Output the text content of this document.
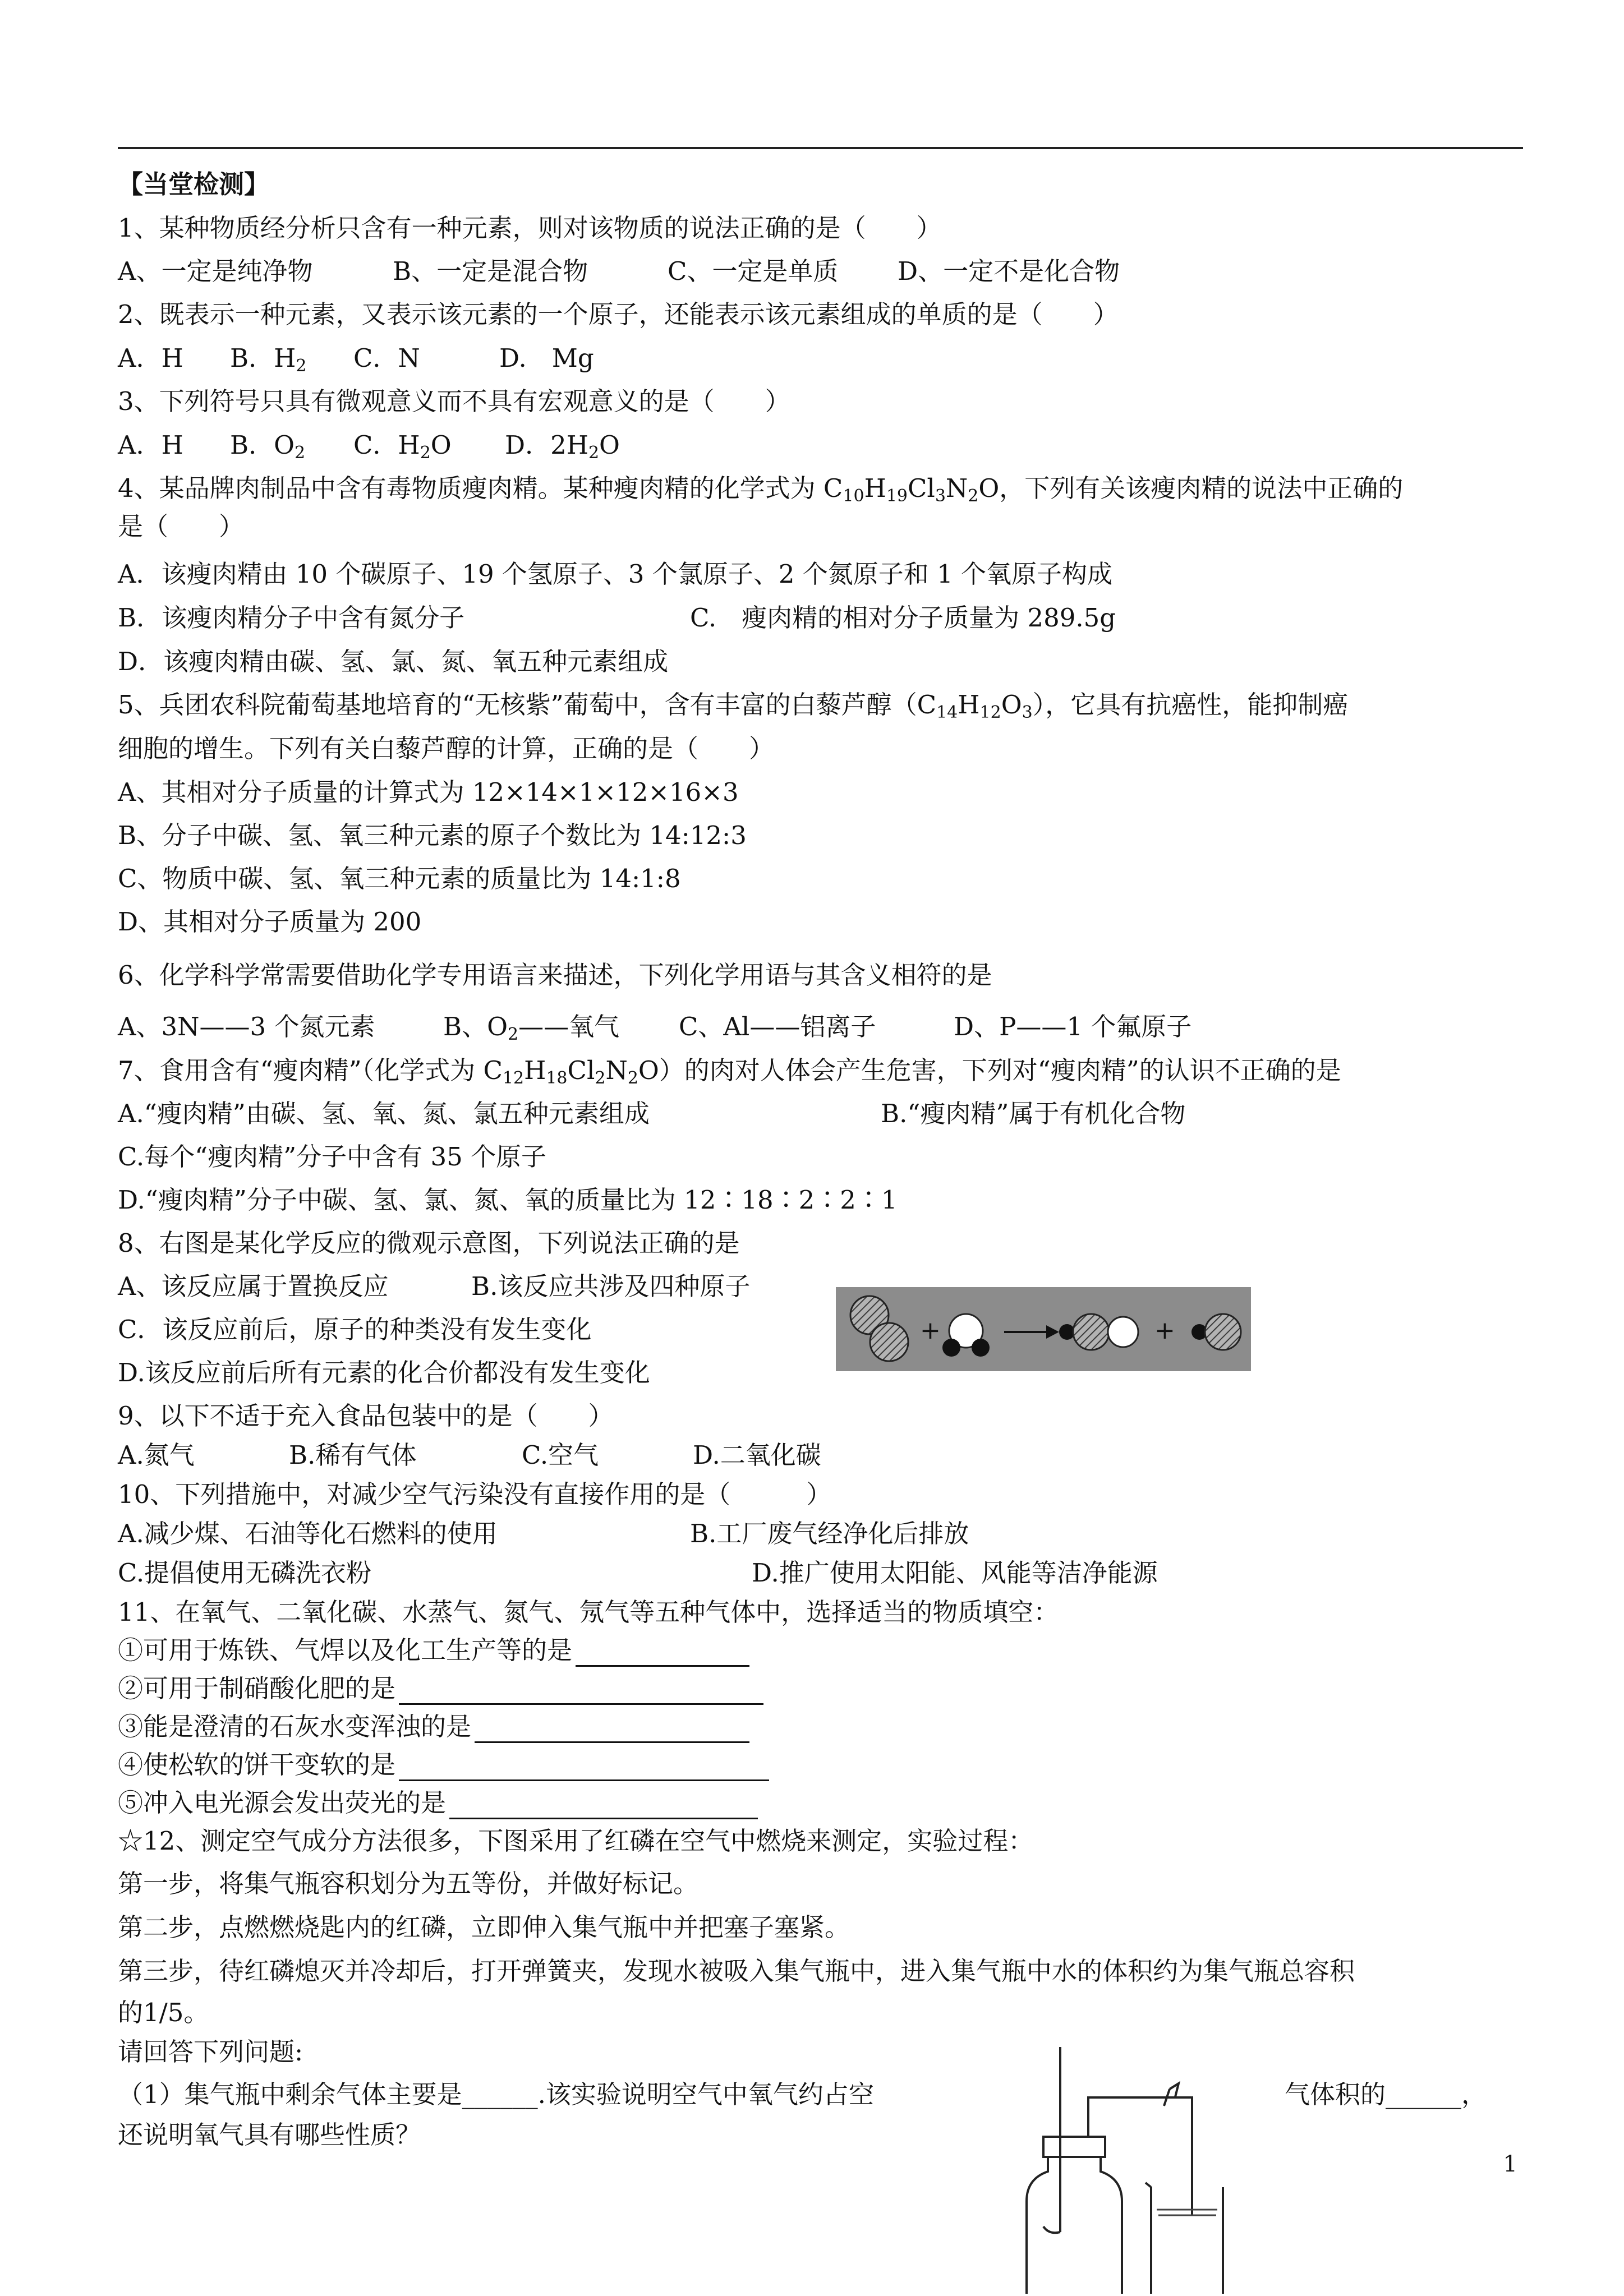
【当堂检测】
1、某种物质经分析只含有一种元素，则对该物质的说法正确的是（　　）
A、一定是纯净物	B、一定是混合物	C、一定是单质 D、一定不是化合物
2、既表示一种元素，又表示该元素的一个原子，还能表示该元素组成的单质的是（　　）
A．H B．$H_2$ C．N	D.　Mg
3、下列符号只具有微观意义而不具有宏观意义的是（　　）
A．H B．$O_2$ C．$H_2O$ D．$2H_2O$
4、某品牌肉制品中含有毒物质瘦肉精。某种瘦肉精的化学式为 $C_{10}H_{19}Cl_3N_2O$，下列有关该瘦肉精的说法中正确的
是（　　）
A．该瘦肉精由 10 个碳原子、19 个氢原子、3 个氯原子、2 个氮原子和 1 个氧原子构成
B．该瘦肉精分子中含有氮分子	C.　瘦肉精的相对分子质量为 289.5g
D．该瘦肉精由碳、氢、氯、氮、氧五种元素组成
5、兵团农科院葡萄基地培育的“无核紫”葡萄中，含有丰富的白藜芦醇$(C_{14}H_{12}O_3)$，它具有抗癌性，能抑制癌
细胞的增生。下列有关白藜芦醇的计算，正确的是（　　）
A、其相对分子质量的计算式为 12×14×1×12×16×3
B、分子中碳、氢、氧三种元素的原子个数比为 14:12:3
C、物质中碳、氢、氧三种元素的质量比为 14:1:8
D、其相对分子质量为 200
6、化学科学常需要借助化学专用语言来描述，下列化学用语与其含义相符的是
A、3N——3 个氮元素	B、$O_2——$氧气 C、Al——铝离子	D、P——1 个氟原子
7、食用含有“瘦肉精”（化学式为 $C_{12}H_{18}Cl_2N_2O$）的肉对人体会产生危害，下列对“瘦肉精”的认识不正确的是
A.“瘦肉精”由碳、氢、氧、氮、氯五种元素组成	B.“瘦肉精”属于有机化合物
C.每个“瘦肉精”分子中含有 35 个原子
D.“瘦肉精”分子中碳、氢、氯、氮、氧的质量比为 12∶18∶2∶2∶1
8、右图是某化学反应的微观示意图，下列说法正确的是
A、该反应属于置换反应	B.该反应共涉及四种原子
C．该反应前后，原子的种类没有发生变化
D.该反应前后所有元素的化合价都没有发生变化
+	+
9、以下不适于充入食品包装中的是（　　）
A.氮气	B.稀有气体	C.空气	D.二氧化碳
10、下列措施中，对减少空气污染没有直接作用的是（　　　）
A.减少煤、石油等化石燃料的使用	B.工厂废气经净化后排放
C.提倡使用无磷洗衣粉	D.推广使用太阳能、风能等洁净能源
11、在氧气、二氧化碳、水蒸气、氮气、氖气等五种气体中，选择适当的物质填空：
①可用于炼铁、气焊以及化工生产等的是
②可用于制硝酸化肥的是
③能是澄清的石灰水变浑浊的是
④使松软的饼干变软的是
⑤冲入电光源会发出荧光的是
☆12、测定空气成分方法很多，下图采用了红磷在空气中燃烧来测定，实验过程：
第一步，将集气瓶容积划分为五等份，并做好标记。
第二步，点燃燃烧匙内的红磷，立即伸入集气瓶中并把塞子塞紧。
第三步，待红磷熄灭并冷却后，打开弹簧夹，发现水被吸入集气瓶中，进入集气瓶中水的体积约为集气瓶总容积
的1/5。
请回答下列问题:
（1）集气瓶中剩余气体主要是______.该实验说明空气中氧气约占空	气体积的______，
还说明氧气具有哪些性质？
1
